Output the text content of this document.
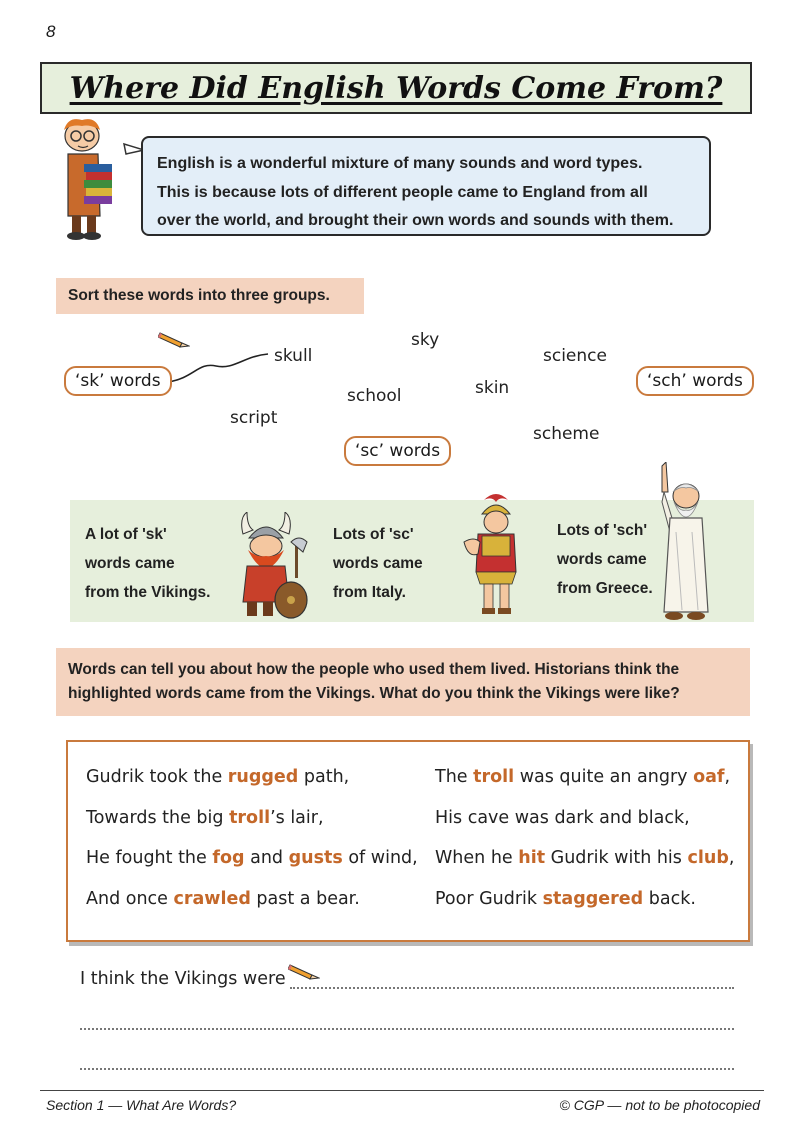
8
Where Did English Words Come From?
English is a wonderful mixture of many sounds and word types.
This is because lots of different people came to England from all
over the world, and brought their own words and sounds with them.
Sort these words into three groups.
sky
skull	science
school	skin
script
scheme
‘sk’ words
‘sc’ words
‘sch’ words
A lot of 'sk'
words came
from the Vikings.
Lots of 'sc'
words came
from Italy.
Lots of 'sch'
words came
from Greece.
Words can tell you about how the people who used them lived. Historians think the
highlighted words came from the Vikings. What do you think the Vikings were like?
Gudrik took the rugged path,
Towards the big troll’s lair,
He fought the fog and gusts of wind,
And once crawled past a bear.
The troll was quite an angry oaf,
His cave was dark and black,
When he hit Gudrik with his club,
Poor Gudrik staggered back.
I think the Vikings were
Section 1 — What Are Words?	© CGP — not to be photocopied
